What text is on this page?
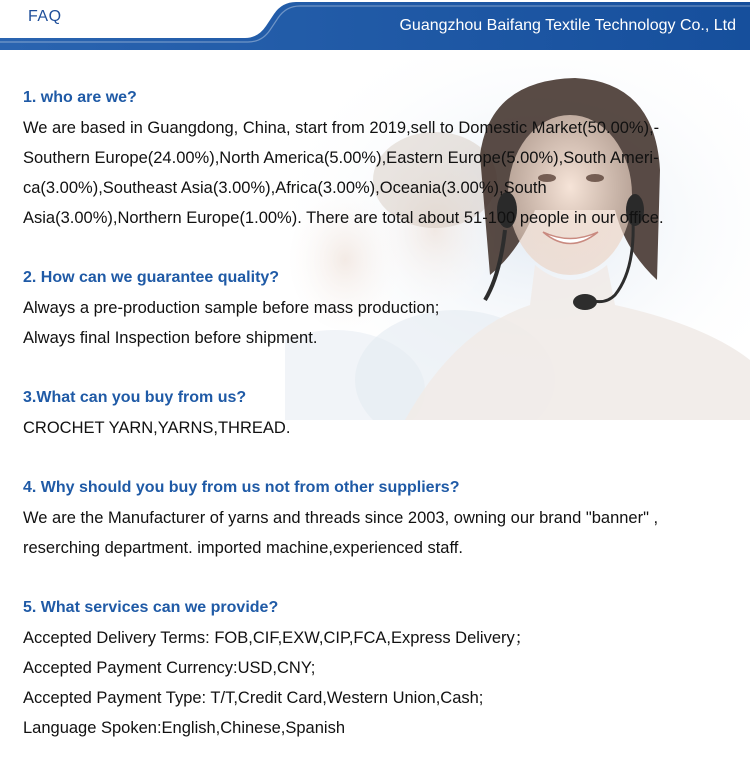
FAQ
Guangzhou Baifang Textile Technology Co., Ltd

1. who are we?

We are based in Guangdong, China, start from 2019,sell to Domestic Market(50.00%),-

Southern Europe(24.00%),North America(5.00%),Eastern Europe(5.00%),South Ameri-

ca(3.00%),Southeast Asia(3.00%),Africa(3.00%),Oceania(3.00%),South

Asia(3.00%),Northern Europe(1.00%). There are total about 51-100 people in our office.

2. How can we guarantee quality?

Always a pre-production sample before mass production;

Always final Inspection before shipment.

3.What can you buy from us?

CROCHET YARN,YARNS,THREAD.

4. Why should you buy from us not from other suppliers?

We are the Manufacturer of yarns and threads since 2003, owning our brand "banner" ,

reserching department. imported machine,experienced staff.

5. What services can we provide?

Accepted Delivery Terms: FOB,CIF,EXW,CIP,FCA,Express Delivery；

Accepted Payment Currency:USD,CNY;

Accepted Payment Type: T/T,Credit Card,Western Union,Cash;

Language Spoken:English,Chinese,Spanish
